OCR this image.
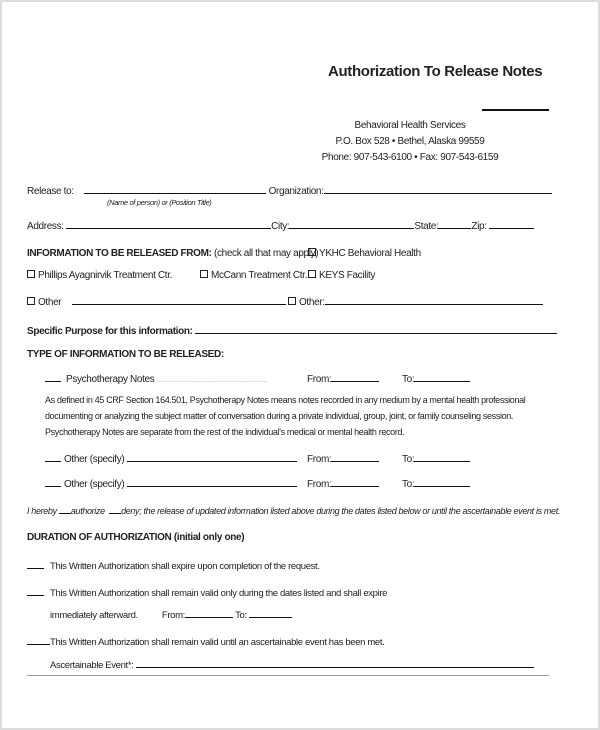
Authorization To Release Notes
Behavioral Health Services
P.O. Box 528 • Bethel, Alaska 99559
Phone: 907-543-6100 • Fax: 907-543-6159
Release to:	Organization:
(Name of person) or (Position Title)
Address:	City:	State:	Zip:
INFORMATION TO BE RELEASED FROM: (check all that may apply) YKHC Behavioral Health
Phillips Ayagnirvik Treatment Ctr.	McCann Treatment Ctr.	KEYS Facility
Other	Other:
Specific Purpose for this information:
TYPE OF INFORMATION TO BE RELEASED:
Psychotherapy Notes .........................................................	From:	To:
As defined in 45 CRF Section 164.501, Psychotherapy Notes means notes recorded in any medium by a mental health professional
documenting or analyzing the subject matter of conversation during a private individual, group, joint, or family counseling session.
Psychotherapy Notes are separate from the rest of the individual's medical or mental health record.
Other (specify)	From:	To:
Other (specify)	From:	To:
I hereby authorize deny; the release of updated information listed above during the dates listed below or until the ascertainable event is met.
DURATION OF AUTHORIZATION (initial only one)
This Written Authorization shall expire upon completion of the request.
This Written Authorization shall remain valid only during the dates listed and shall expire
immediately afterward.	From:	To:
This Written Authorization shall remain valid until an ascertainable event has been met.
Ascertainable Event*:
